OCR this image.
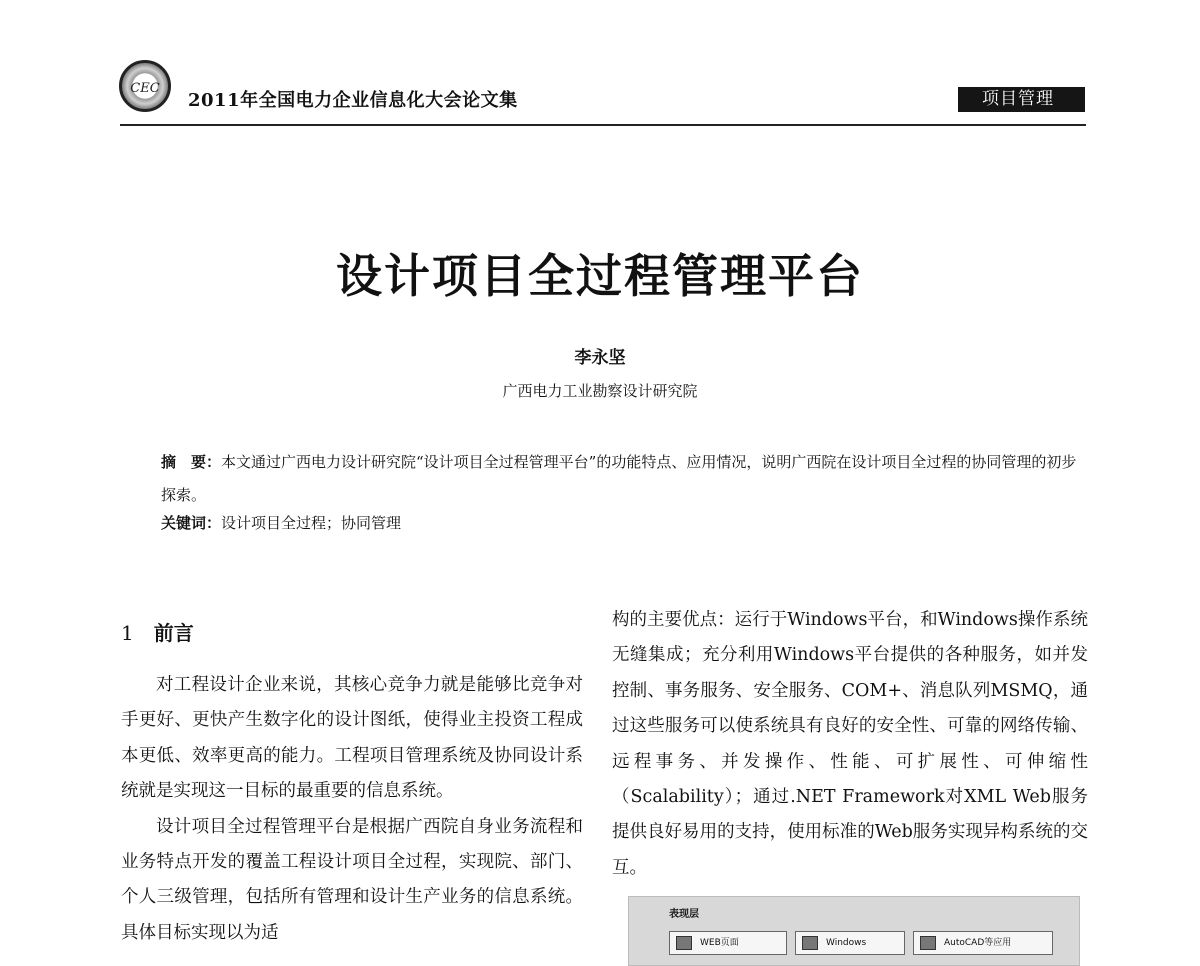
CEC
2011年全国电力企业信息化大会论文集	项目管理
设计项目全过程管理平台
李永坚
广西电力工业勘察设计研究院
摘　要：本文通过广西电力设计研究院“设计项目全过程管理平台”的功能特点、应用情况，说明广西院在设计项目全过程的协同管理的初步探索。
关键词：设计项目全过程；协同管理
1 前言

对工程设计企业来说，其核心竞争力就是能够比竞争对手更好、更快产生数字化的设计图纸，使得业主投资工程成本更低、效率更高的能力。工程项目管理系统及协同设计系统就是实现这一目标的最重要的信息系统。

设计项目全过程管理平台是根据广西院自身业务流程和业务特点开发的覆盖工程设计项目全过程，实现院、部门、个人三级管理，包括所有管理和设计生产业务的信息系统。具体目标实现以为适

构的主要优点：运行于Windows平台，和Windows操作系统无缝集成；充分利用Windows平台提供的各种服务，如并发控制、事务服务、安全服务、COM+、消息队列MSMQ，通过这些服务可以使系统具有良好的安全性、可靠的网络传输、远程事务、并发操作、性能、可扩展性、可伸缩性（Scalability）；通过.NET Framework对XML Web服务提供良好易用的支持，使用标准的Web服务实现异构系统的交互。

表现层
WEB页面	Windows	AutoCAD等应用
